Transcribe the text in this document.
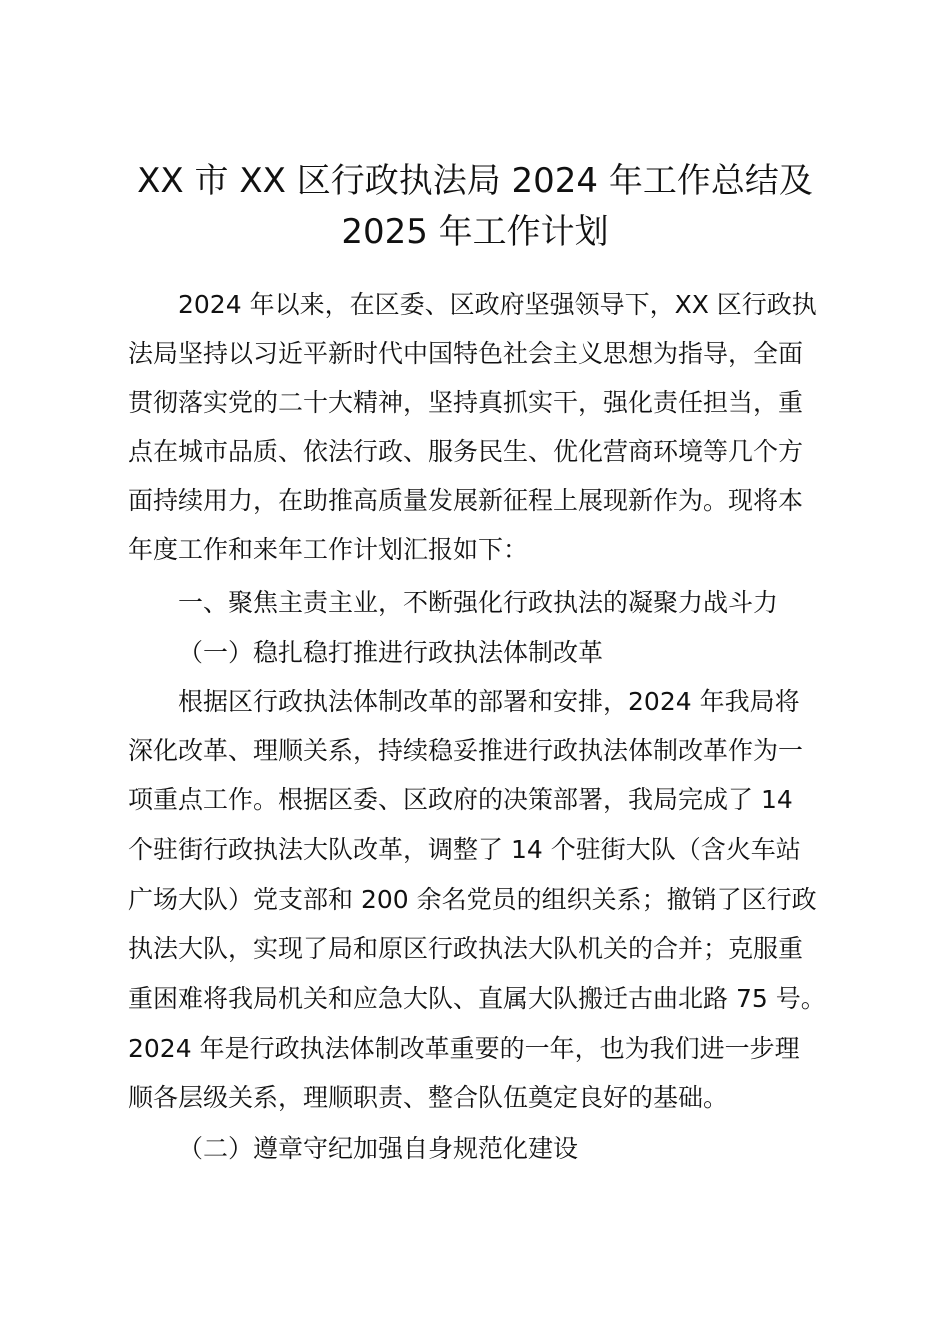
XX 市 XX 区行政执法局 2024 年工作总结及
2025 年工作计划

2024 年以来，在区委、区政府坚强领导下，XX 区行政执

法局坚持以习近平新时代中国特色社会主义思想为指导，全面

贯彻落实党的二十大精神，坚持真抓实干，强化责任担当，重

点在城市品质、依法行政、服务民生、优化营商环境等几个方

面持续用力，在助推高质量发展新征程上展现新作为。现将本

年度工作和来年工作计划汇报如下：

一、聚焦主责主业，不断强化行政执法的凝聚力战斗力

（一）稳扎稳打推进行政执法体制改革

根据区行政执法体制改革的部署和安排，2024 年我局将

深化改革、理顺关系，持续稳妥推进行政执法体制改革作为一

项重点工作。根据区委、区政府的决策部署，我局完成了 14

个驻街行政执法大队改革，调整了 14 个驻街大队（含火车站

广场大队）党支部和 200 余名党员的组织关系；撤销了区行政

执法大队，实现了局和原区行政执法大队机关的合并；克服重

重困难将我局机关和应急大队、直属大队搬迁古曲北路 75 号。

2024 年是行政执法体制改革重要的一年，也为我们进一步理

顺各层级关系，理顺职责、整合队伍奠定良好的基础。

（二）遵章守纪加强自身规范化建设
